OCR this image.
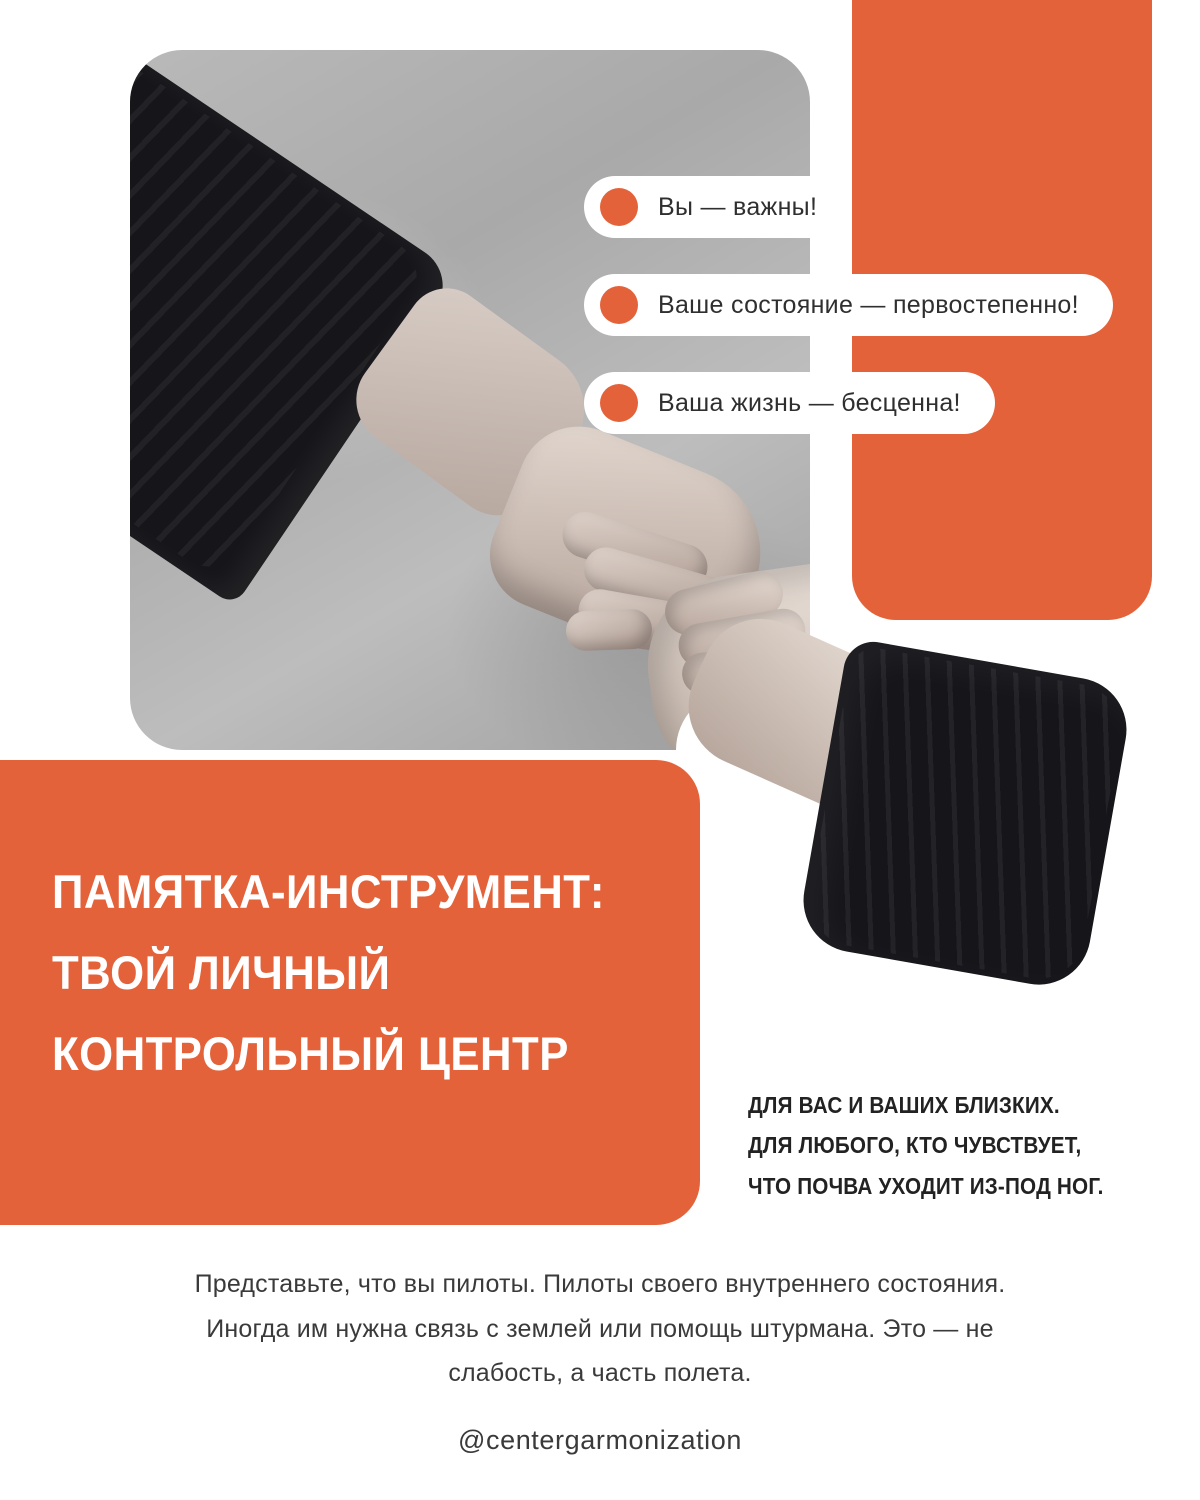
Вы — важны!
Ваше состояние — первостепенно!
Ваша жизнь — бесценна!
ПАМЯТКА-ИНСТРУМЕНТ:
ТВОЙ ЛИЧНЫЙ
КОНТРОЛЬНЫЙ ЦЕНТР
ДЛЯ ВАС И ВАШИХ БЛИЗКИХ.
ДЛЯ ЛЮБОГО, КТО ЧУВСТВУЕТ,
ЧТО ПОЧВА УХОДИТ ИЗ-ПОД НОГ.
Представьте, что вы пилоты. Пилоты своего внутреннего состояния. Иногда им нужна связь с землей или помощь штурмана. Это — не слабость, а часть полета.
@centergarmonization
